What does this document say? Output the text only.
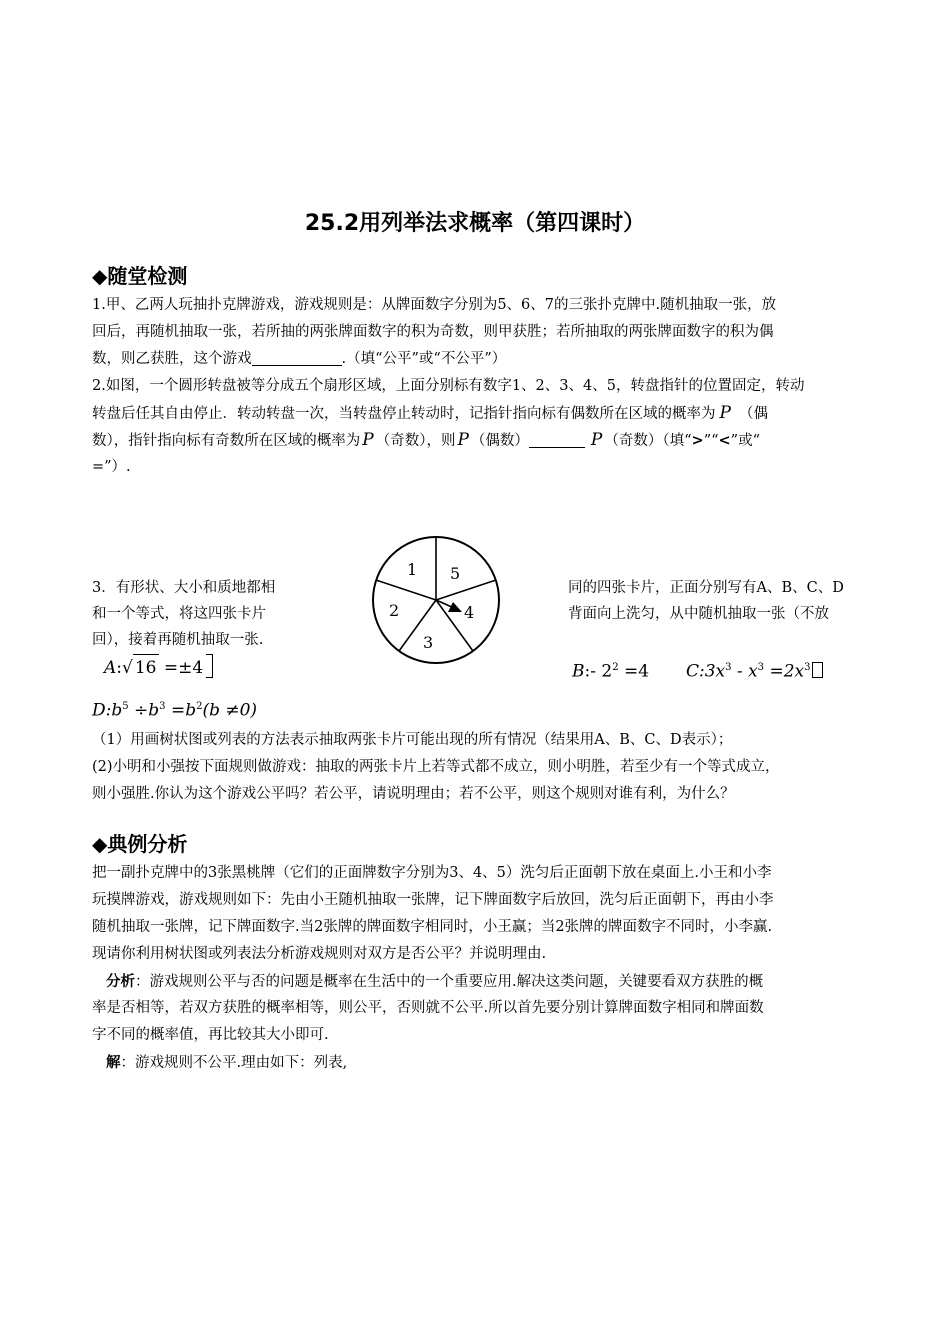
25.2用列举法求概率（第四课时）
◆随堂检测
1.甲、乙两人玩抽扑克牌游戏，游戏规则是：从牌面数字分别为5、6、7的三张扑克牌中.随机抽取一张，放
回后，再随机抽取一张，若所抽的两张牌面数字的积为奇数，则甲获胜；若所抽取的两张牌面数字的积为偶
数，则乙获胜，这个游戏	.（填“公平”或“不公平”）
2.如图，一个圆形转盘被等分成五个扇形区域，上面分别标有数字1、2、3、4、5，转盘指针的位置固定，转动
转盘后任其自由停止．转动转盘一次，当转盘停止转动时，记指针指向标有偶数所在区域的概率为 P （偶
数），指针指向标有奇数所在区域的概率为 P （奇数），则 P （偶数）	P （奇数）（填“>”“<”或“
=”）.
1 5
2	4
3
3．有形状、大小和质地都相
和一个等式，将这四张卡片
回），接着再随机抽取一张.
同的四张卡片，正面分别写有A、B、C、D
背面向上洗匀，从中随机抽取一张（不放
A:√ 16 =±4	B:- $2^2 =4$ $C:3x^3 - x^3 =2x^3$
$D:b^5 \div b^3 =b^2(b \ne 0)$
（1）用画树状图或列表的方法表示抽取两张卡片可能出现的所有情况（结果用A、B、C、D表示）；
(2)小明和小强按下面规则做游戏：抽取的两张卡片上若等式都不成立，则小明胜，若至少有一个等式成立，
则小强胜.你认为这个游戏公平吗？若公平，请说明理由；若不公平，则这个规则对谁有利，为什么？
◆典例分析
把一副扑克牌中的3张黑桃牌（它们的正面牌数字分别为3、4、5）洗匀后正面朝下放在桌面上.小王和小李
玩摸牌游戏，游戏规则如下：先由小王随机抽取一张牌，记下牌面数字后放回，洗匀后正面朝下，再由小李
随机抽取一张牌，记下牌面数字.当2张牌的牌面数字相同时，小王赢；当2张牌的牌面数字不同时，小李赢.
现请你利用树状图或列表法分析游戏规则对双方是否公平？并说明理由.
分析：游戏规则公平与否的问题是概率在生活中的一个重要应用.解决这类问题，关键要看双方获胜的概
率是否相等，若双方获胜的概率相等，则公平，否则就不公平.所以首先要分别计算牌面数字相同和牌面数
字不同的概率值，再比较其大小即可.
解：游戏规则不公平.理由如下：列表,
